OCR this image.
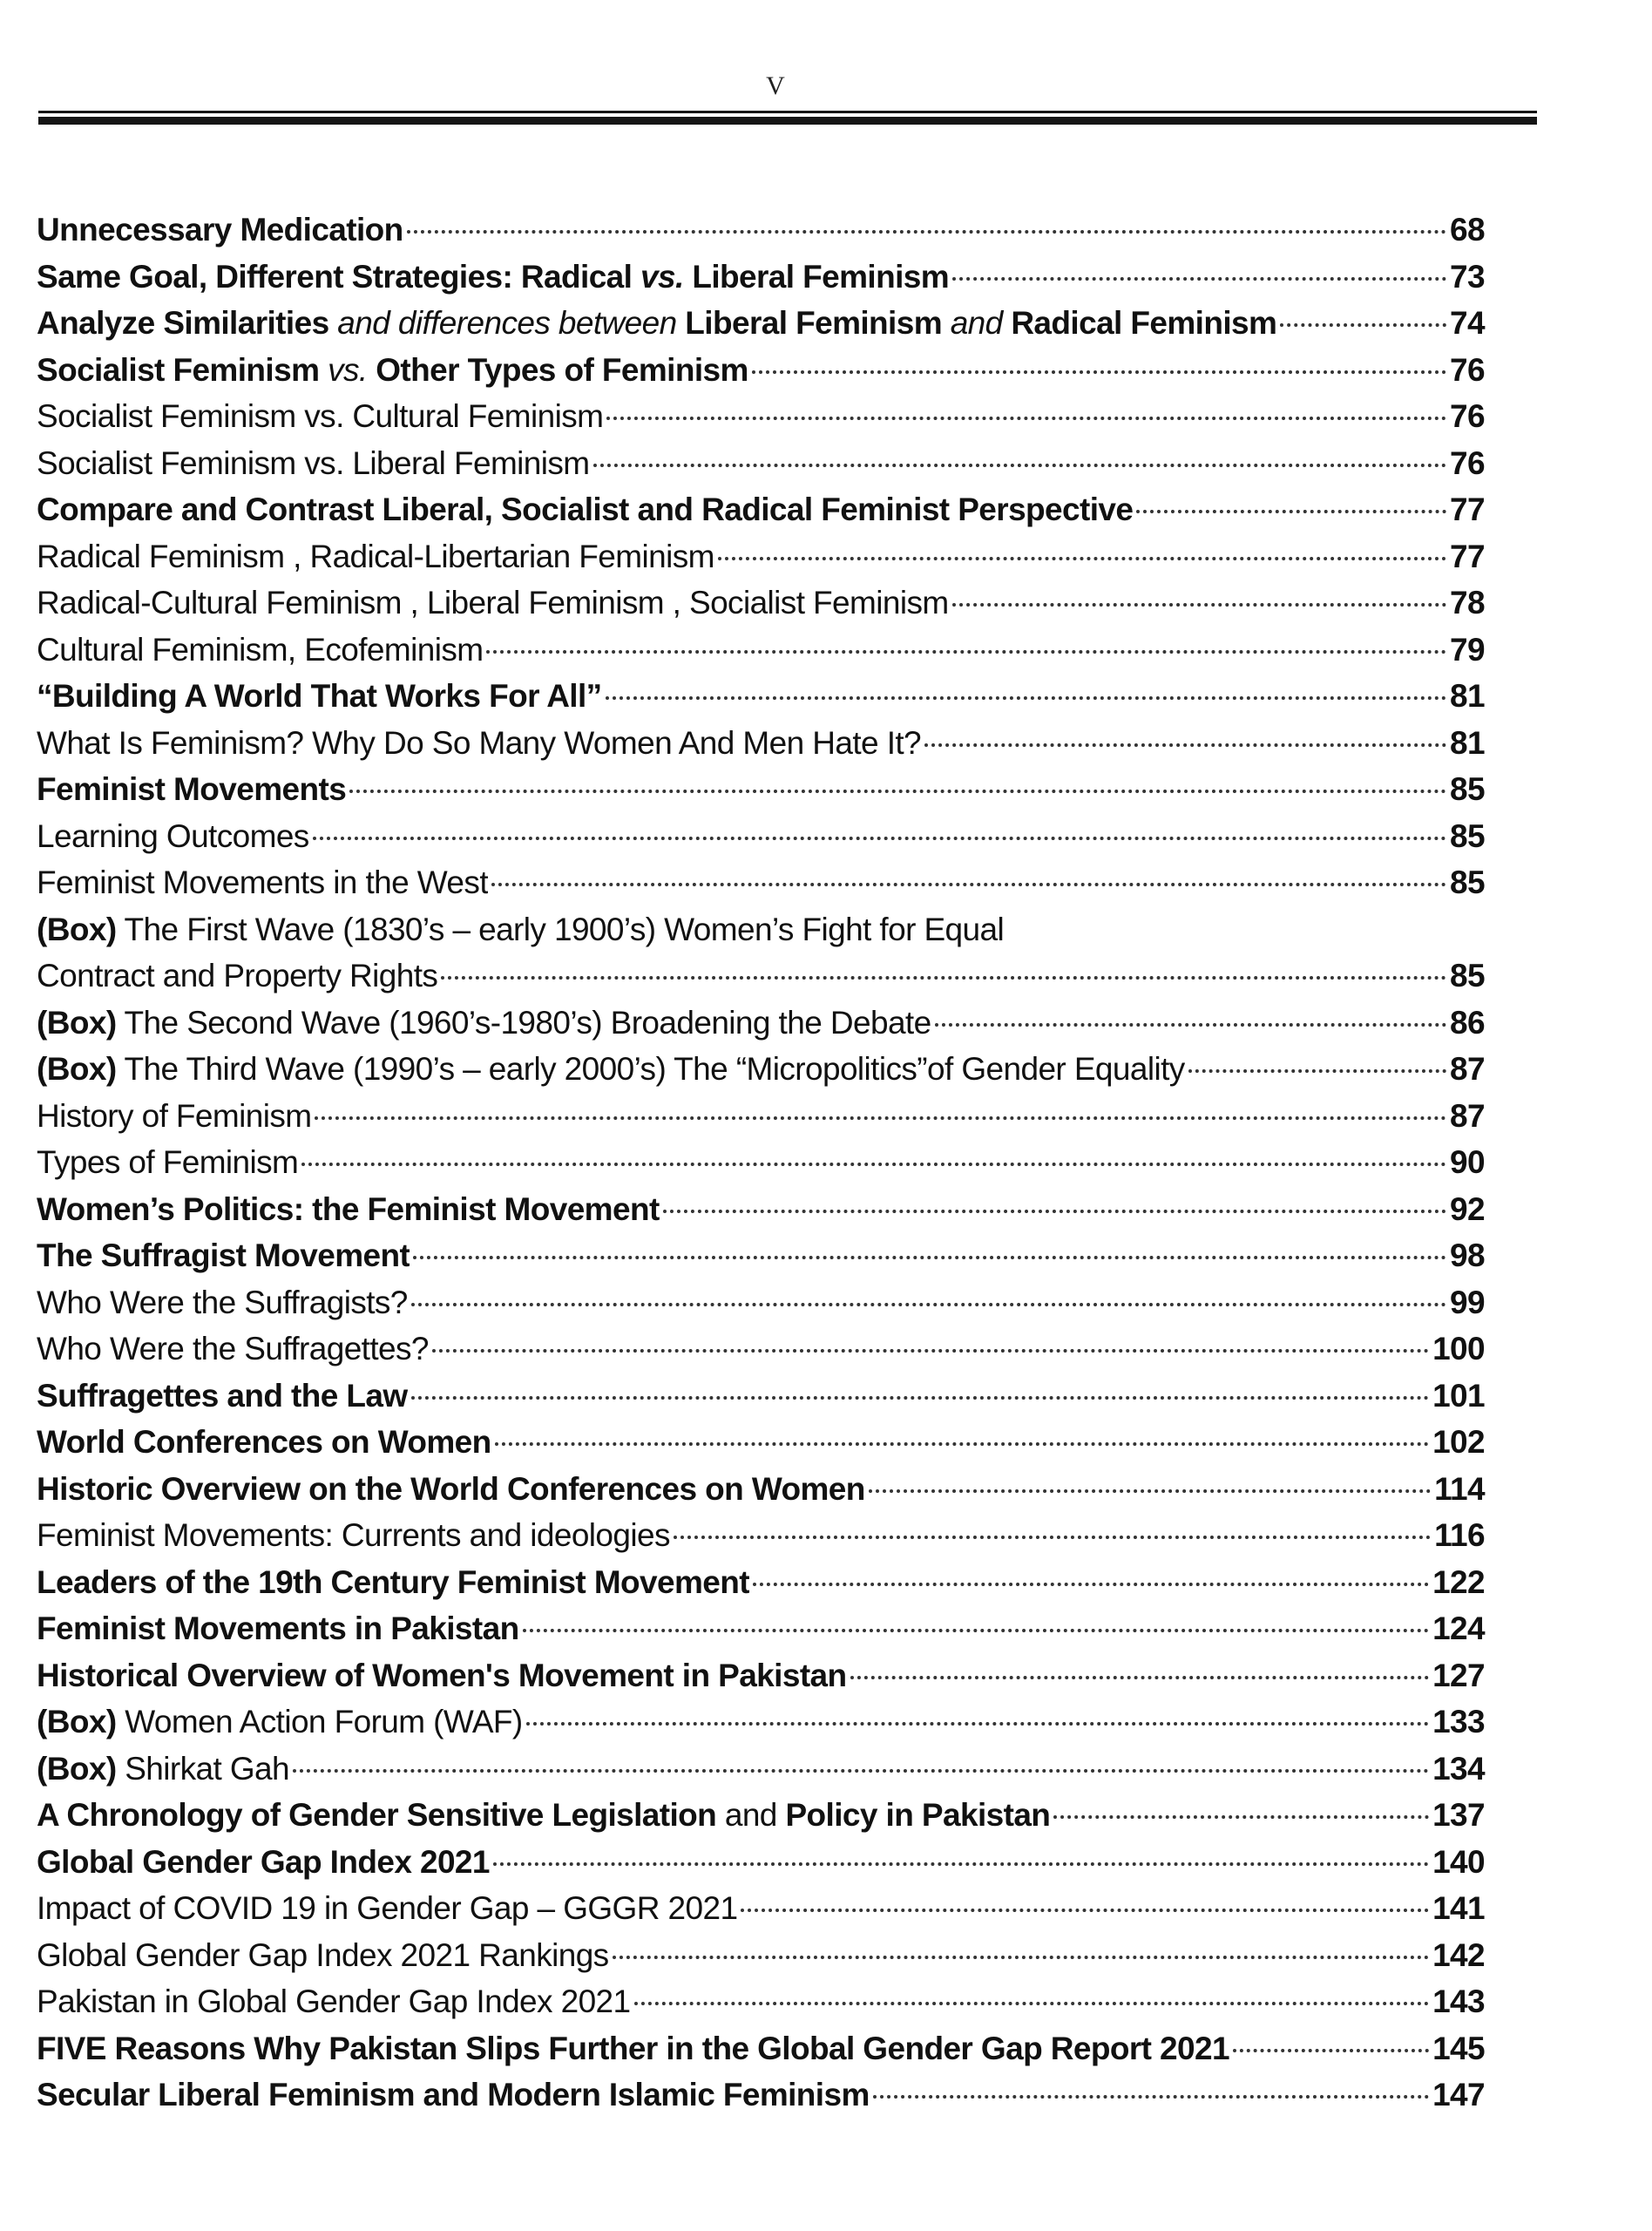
V
Unnecessary Medication	68
Same Goal, Different Strategies: Radical vs. Liberal Feminism	73
Analyze Similarities and differences between Liberal Feminism and Radical Feminism	74
Socialist Feminism vs. Other Types of Feminism	76
Socialist Feminism vs. Cultural Feminism	76
Socialist Feminism vs. Liberal Feminism	76
Compare and Contrast Liberal, Socialist and Radical Feminist Perspective	77
Radical Feminism , Radical-Libertarian Feminism	77
Radical-Cultural Feminism , Liberal Feminism , Socialist Feminism	78
Cultural Feminism, Ecofeminism	79
“Building A World That Works For All”	81
What Is Feminism? Why Do So Many Women And Men Hate It?	81
Feminist Movements	85
Learning Outcomes	85
Feminist Movements in the West	85
(Box) The First Wave (1830’s – early 1900’s) Women’s Fight for Equal
Contract and Property Rights	85
(Box) The Second Wave (1960’s-1980’s) Broadening the Debate	86
(Box) The Third Wave (1990’s – early 2000’s) The “Micropolitics”of Gender Equality	87
History of Feminism	87
Types of Feminism	90
Women’s Politics: the Feminist Movement	92
The Suffragist Movement	98
Who Were the Suffragists?	99
Who Were the Suffragettes?	100
Suffragettes and the Law	101
World Conferences on Women	102
Historic Overview on the World Conferences on Women	114
Feminist Movements: Currents and ideologies	116
Leaders of the 19th Century Feminist Movement	122
Feminist Movements in Pakistan	124
Historical Overview of Women's Movement in Pakistan	127
(Box) Women Action Forum (WAF)	133
(Box) Shirkat Gah	134
A Chronology of Gender Sensitive Legislation and Policy in Pakistan	137
Global Gender Gap Index 2021	140
Impact of COVID 19 in Gender Gap – GGGR 2021	141
Global Gender Gap Index 2021 Rankings	142
Pakistan in Global Gender Gap Index 2021	143
FIVE Reasons Why Pakistan Slips Further in the Global Gender Gap Report 2021	145
Secular Liberal Feminism and Modern Islamic Feminism	147
